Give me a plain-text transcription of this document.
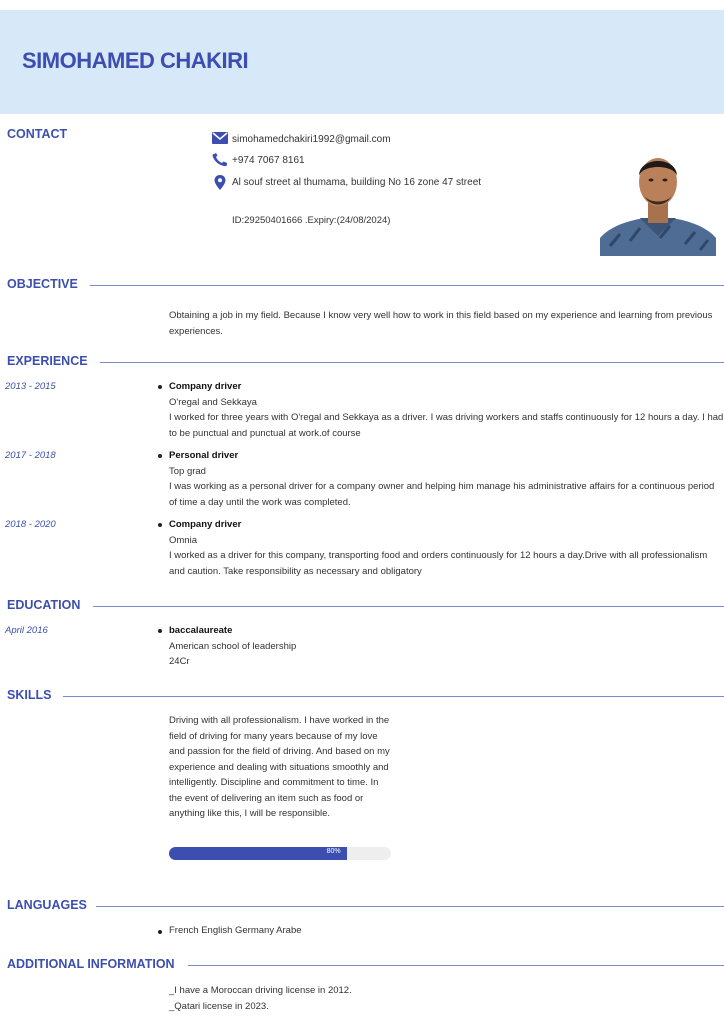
SIMOHAMED CHAKIRI
CONTACT	simohamedchakiri1992@gmail.com
+974 7067 8161
Al souf street al thumama, building No 16 zone 47 street
ID:29250401666 .Expiry:(24/08/2024)
OBJECTIVE
Obtaining a job in my field. Because I know very well how to work in this field based on my experience and learning from previous experiences.
EXPERIENCE
2013 - 2015	Company driver
O'regal and Sekkaya
I worked for three years with O'regal and Sekkaya as a driver. I was driving workers and staffs continuously for 12 hours a day. I had to be punctual and punctual at work.of course
2017 - 2018	Personal driver
Top grad
I was working as a personal driver for a company owner and helping him manage his administrative affairs for a continuous period of time a day until the work was completed.
2018 - 2020	Company driver
Omnia
I worked as a driver for this company, transporting food and orders continuously for 12 hours a day.Drive with all professionalism and caution. Take responsibility as necessary and obligatory
EDUCATION
April 2016	baccalaureate
American school of leadership
24Cr
SKILLS
Driving with all professionalism. I have worked in the field of driving for many years because of my love and passion for the field of driving. And based on my experience and dealing with situations smoothly and intelligently. Discipline and commitment to time. In the event of delivering an item such as food or anything like this, I will be responsible.
80%
LANGUAGES
French English Germany Arabe
ADDITIONAL INFORMATION
_I have a Moroccan driving license in 2012.
_Qatari license in 2023.
